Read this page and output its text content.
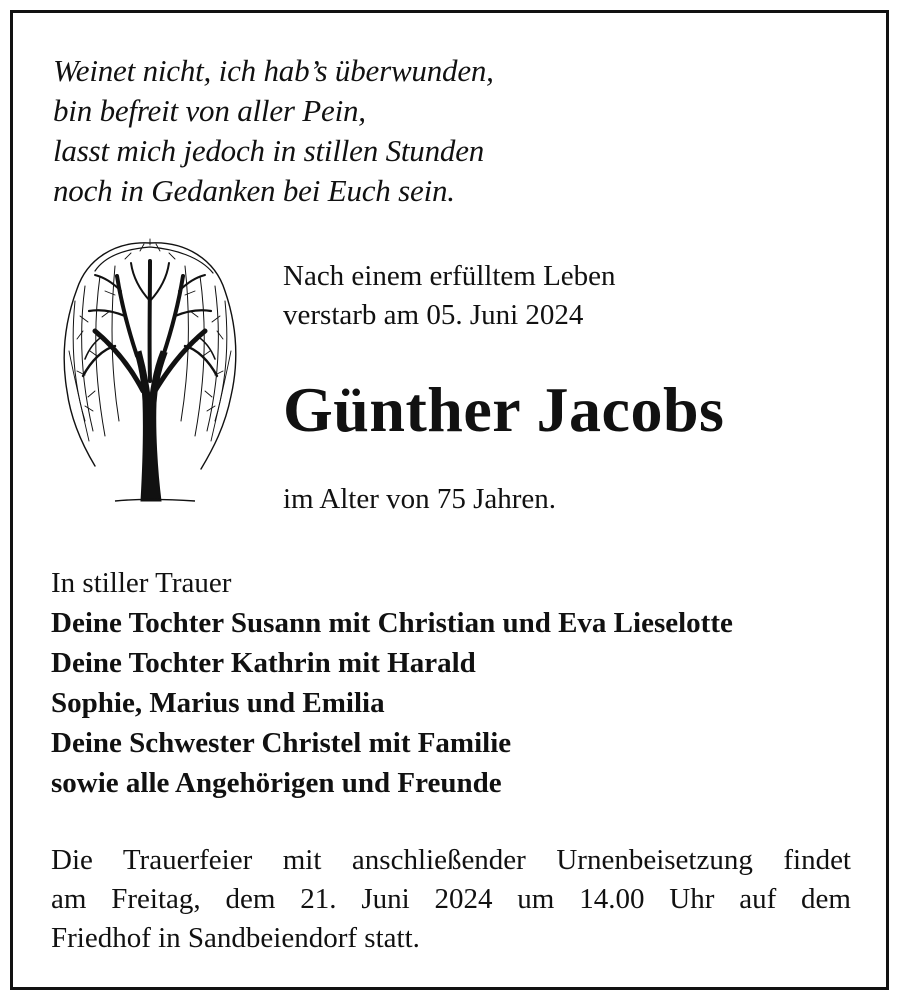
Weinet nicht, ich hab’s überwunden,
bin befreit von aller Pein,
lasst mich jedoch in stillen Stunden
noch in Gedanken bei Euch sein.
Nach einem erfülltem Leben
verstarb am 05. Juni 2024
Günther Jacobs
im Alter von 75 Jahren.
In stiller Trauer
Deine Tochter Susann mit Christian und Eva Lieselotte
Deine Tochter Kathrin mit Harald
Sophie, Marius und Emilia
Deine Schwester Christel mit Familie
sowie alle Angehörigen und Freunde
Die Trauerfeier mit anschließender Urnenbeisetzung findet
am Freitag, dem 21. Juni 2024 um 14.00 Uhr auf dem
Friedhof in Sandbeiendorf statt.
